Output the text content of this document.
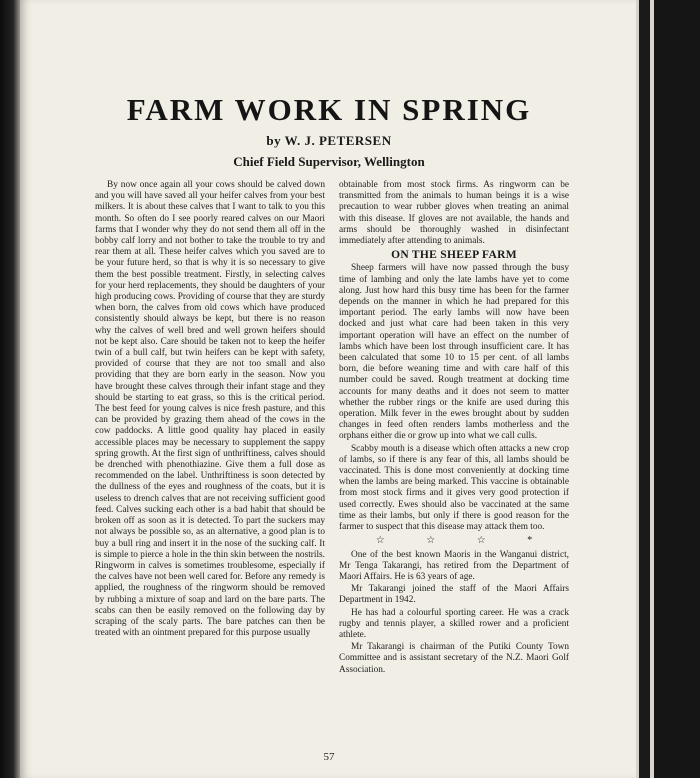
FARM WORK IN SPRING
by W. J. PETERSEN
Chief Field Supervisor, Wellington

By now once again all your cows should be calved down and you will have saved all your heifer calves from your best milkers. It is about these calves that I want to talk to you this month. So often do I see poorly reared calves on our Maori farms that I wonder why they do not send them all off in the bobby calf lorry and not bother to take the trouble to try and rear them at all. These heifer calves which you saved are to be your future herd, so that is why it is so necessary to give them the best possible treatment. Firstly, in selecting calves for your herd replacements, they should be daughters of your high producing cows. Providing of course that they are sturdy when born, the calves from old cows which have produced consistently should always be kept, but there is no reason why the calves of well bred and well grown heifers should not be kept also. Care should be taken not to keep the heifer twin of a bull calf, but twin heifers can be kept with safety, provided of course that they are not too small and also providing that they are born early in the season. Now you have brought these calves through their infant stage and they should be starting to eat grass, so this is the critical period. The best feed for young calves is nice fresh pasture, and this can be provided by grazing them ahead of the cows in the cow paddocks. A little good quality hay placed in easily accessible places may be necessary to supplement the sappy spring growth. At the first sign of unthriftiness, calves should be drenched with phenothiazine. Give them a full dose as recommended on the label. Unthriftiness is soon detected by the dullness of the eyes and roughness of the coats, but it is useless to drench calves that are not receiving sufficient good feed. Calves sucking each other is a bad habit that should be broken off as soon as it is detected. To part the suckers may not always be possible so, as an alternative, a good plan is to buy a bull ring and insert it in the nose of the sucking calf. It is simple to pierce a hole in the thin skin between the nostrils. Ringworm in calves is sometimes troublesome, especially if the calves have not been well cared for. Before any remedy is applied, the roughness of the ringworm should be removed by rubbing a mixture of soap and lard on the bare parts. The scabs can then be easily removed on the following day by scraping of the scaly parts. The bare patches can then be treated with an ointment prepared for this purpose usually

obtainable from most stock firms. As ringworm can be transmitted from the animals to human beings it is a wise precaution to wear rubber gloves when treating an animal with this disease. If gloves are not available, the hands and arms should be thoroughly washed in disinfectant immediately after attending to animals.

ON THE SHEEP FARM

Sheep farmers will have now passed through the busy time of lambing and only the late lambs have yet to come along. Just how hard this busy time has been for the farmer depends on the manner in which he had prepared for this important period. The early lambs will now have been docked and just what care had been taken in this very important operation will have an effect on the number of lambs which have been lost through insufficient care. It has been calculated that some 10 to 15 per cent. of all lambs born, die before weaning time and with care half of this number could be saved. Rough treatment at docking time accounts for many deaths and it does not seem to matter whether the rubber rings or the knife are used during this operation. Milk fever in the ewes brought about by sudden changes in feed often renders lambs motherless and the orphans either die or grow up into what we call culls.

Scabby mouth is a disease which often attacks a new crop of lambs, so if there is any fear of this, all lambs should be vaccinated. This is done most conveniently at docking time when the lambs are being marked. This vaccine is obtainable from most stock firms and it gives very good protection if used correctly. Ewes should also be vaccinated at the same time as their lambs, but only if there is good reason for the farmer to suspect that this disease may attack them too.

☆	☆	☆	*

One of the best known Maoris in the Wanganui district, Mr Tenga Takarangi, has retired from the Department of Maori Affairs. He is 63 years of age.

Mr Takarangi joined the staff of the Maori Affairs Department in 1942.

He has had a colourful sporting career. He was a crack rugby and tennis player, a skilled rower and a proficient athlete.

Mr Takarangi is chairman of the Putiki County Town Committee and is assistant secretary of the N.Z. Maori Golf Association.

57
